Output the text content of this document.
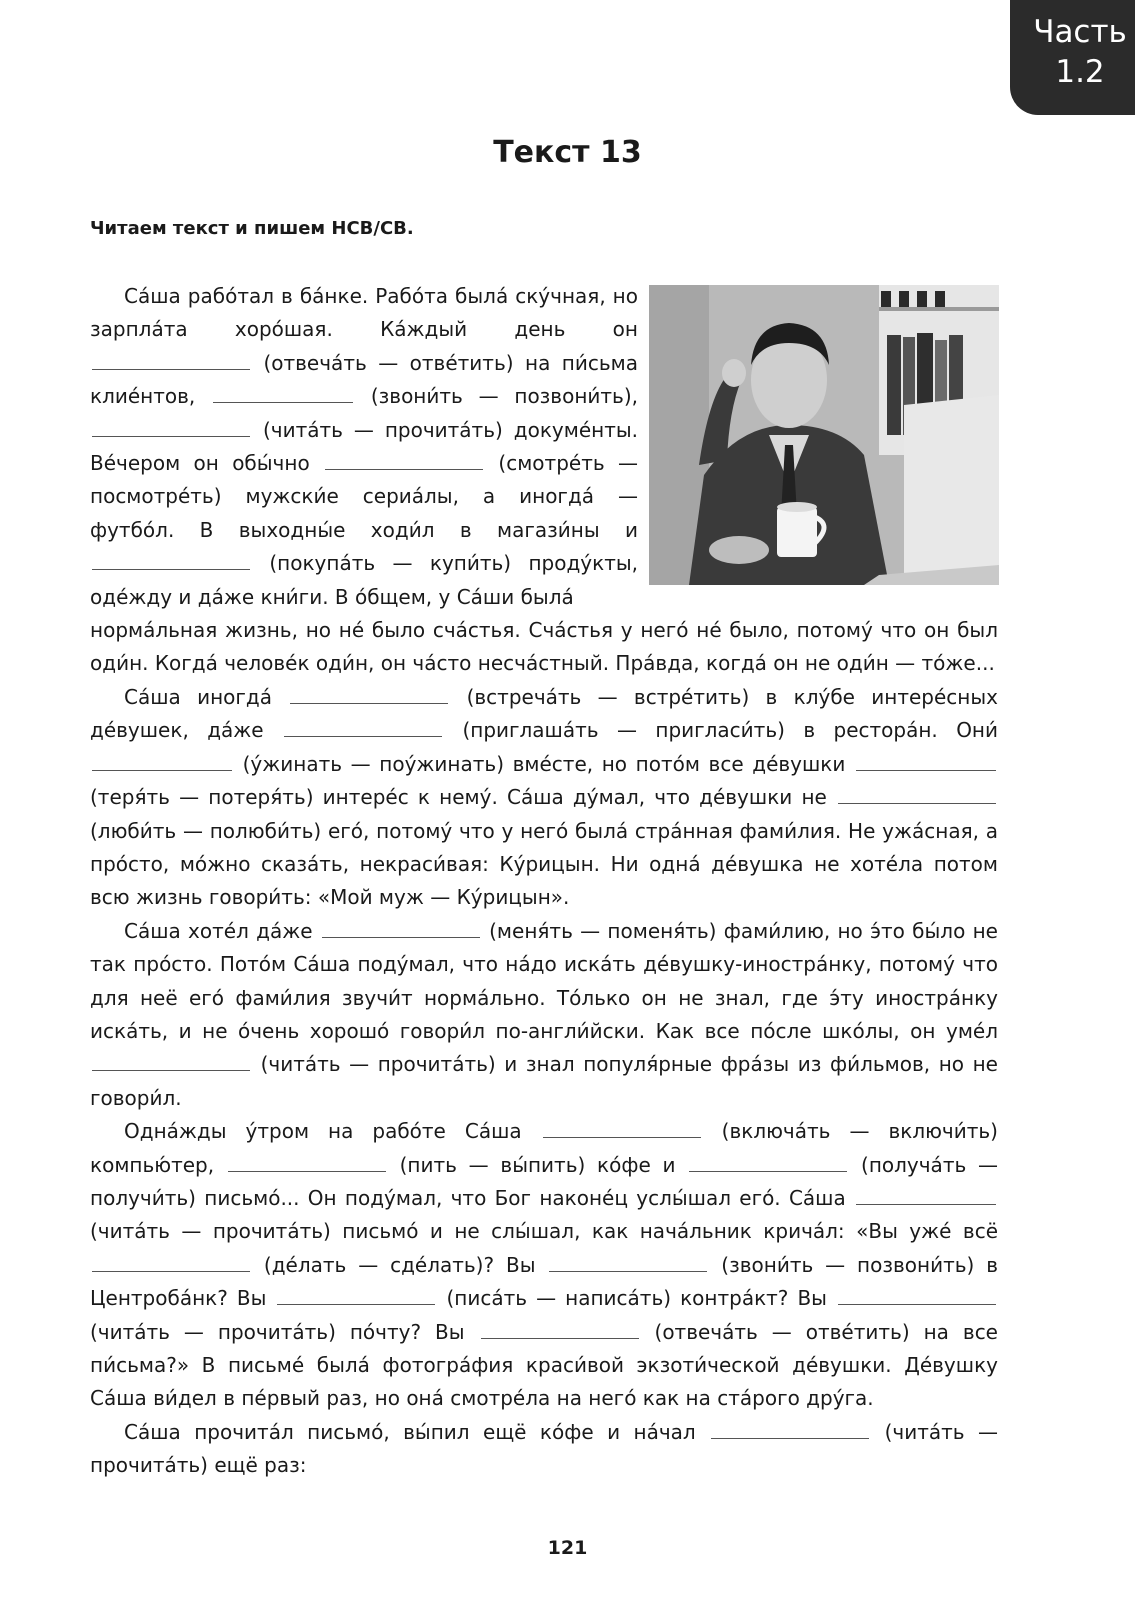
Часть
1.2
Текст 13

Читаем текст и пишем НСВ/СВ.

Са́ша рабо́тал в ба́нке. Рабо́та была́ ску́чная, но зарпла́та хоро́шая. Ка́ждый день он  (отвеча́ть — отве́тить) на пи́сьма клие́нтов,	(звони́ть — позвони́ть),  (чита́ть — прочита́ть) докуме́нты. Ве́чером он обы́чно	(смотре́ть — посмотре́ть) мужски́е сериа́лы, а иногда́ — футбо́л. В выходны́е ходи́л в магази́ны и  (покупа́ть — купи́ть) проду́кты, оде́жду и да́же кни́ги. В о́бщем, у Са́ши была́

норма́льная жизнь, но не́ было сча́стья. Сча́стья у него́ не́ было, потому́ что он был оди́н. Когда́ челове́к оди́н, он ча́сто несча́стный. Пра́вда, когда́ он не оди́н — то́же...

Са́ша иногда́	(встреча́ть — встре́тить) в клу́бе интере́сных де́вушек, да́же	(приглаша́ть — пригласи́ть) в рестора́н. Они́  (у́жинать — поу́жинать) вме́сте, но пото́м все де́вушки  (теря́ть — потеря́ть) интере́с к нему́. Са́ша ду́мал, что де́вушки не  (люби́ть — полюби́ть) его́, потому́ что у него́ была́ стра́нная фами́лия. Не ужа́сная, а про́сто, мо́жно сказа́ть, некраси́вая: Ку́рицын. Ни одна́ де́вушка не хоте́ла потом всю жизнь говори́ть: «Мой муж — Ку́рицын».

Са́ша хоте́л да́же	(меня́ть — поменя́ть) фами́лию, но э́то бы́ло не так про́сто. Пото́м Са́ша поду́мал, что на́до иска́ть де́вушку-иностра́нку, потому́ что для неё его́ фами́лия звучи́т норма́льно. То́лько он не знал, где э́ту иностра́нку иска́ть, и не о́чень хорошо́ говори́л по-англи́йски. Как все по́сле шко́лы, он уме́л  (чита́ть — прочита́ть) и знал популя́рные фра́зы из фи́льмов, но не говори́л.

Одна́жды у́тром на рабо́те Са́ша	(включа́ть — включи́ть) компью́тер,	(пить — вы́пить) ко́фе и	(получа́ть — получи́ть) письмо́... Он поду́мал, что Бог наконе́ц услы́шал его́. Са́ша  (чита́ть — прочита́ть) письмо́ и не слы́шал, как нача́льник крича́л: «Вы уже́ всё  (де́лать — сде́лать)? Вы	(звони́ть — позвони́ть) в Центроба́нк? Вы	(писа́ть — написа́ть) контра́кт? Вы  (чита́ть — прочита́ть) по́чту? Вы	(отвеча́ть — отве́тить) на все пи́сьма?» В письме́ была́ фотогра́фия краси́вой экзоти́ческой де́вушки. Де́вушку Са́ша ви́дел в пе́рвый раз, но она́ смотре́ла на него́ как на ста́рого дру́га.

Са́ша прочита́л письмо́, вы́пил ещё ко́фе и на́чал	(чита́ть — прочита́ть) ещё раз:

121
